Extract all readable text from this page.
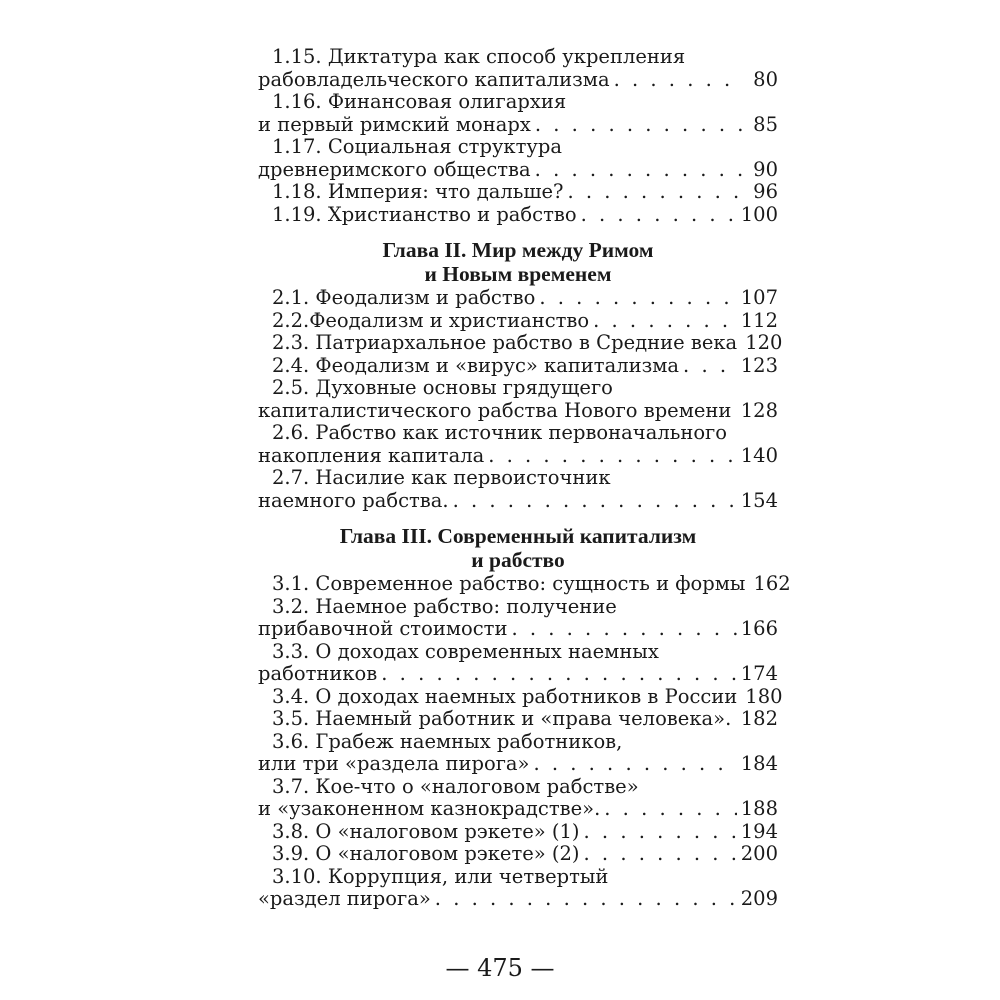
1.15. Диктатура как способ укрепления
рабовладельческого капитализма . . .	80
1.16. Финансовая олигархия
и первый римский монарх . . .	85
1.17. Социальная структура
древнеримского общества . . .	90
1.18. Империя: что дальше? . . .	96
1.19. Христианство и рабство . . .	100
Глава II. Мир между Римом
и Новым временем
2.1. Феодализм и рабство . . .	107
2.2.Феодализм и христианство . . .	112
2.3. Патриархальное рабство в Средние века 120
2.4. Феодализм и «вирус» капитализма . . .	123
2.5. Духовные основы грядущего
капиталистического рабства Нового времени . . . 128
2.6. Рабство как источник первоначального
накопления капитала . . .	140
2.7. Насилие как первоисточник
наемного рабства. . . .	154
Глава III. Современный капитализм
и рабство
3.1. Современное рабство: сущность и формы 162
3.2. Наемное рабство: получение
прибавочной стоимости . . .	166
3.3. О доходах современных наемных
работников . . .	174
3.4. О доходах наемных работников в России 180
3.5. Наемный работник и «права человека». . . . 182
3.6. Грабеж наемных работников,
или три «раздела пирога» . . .	184
3.7. Кое-что о «налоговом рабстве»
и «узаконенном казнокрадстве». . . .	188
3.8. О «налоговом рэкете» (1) . . .	194
3.9. О «налоговом рэкете» (2) . . .	200
3.10. Коррупция, или четвертый
«раздел пирога» . . .	209
— 475 —
